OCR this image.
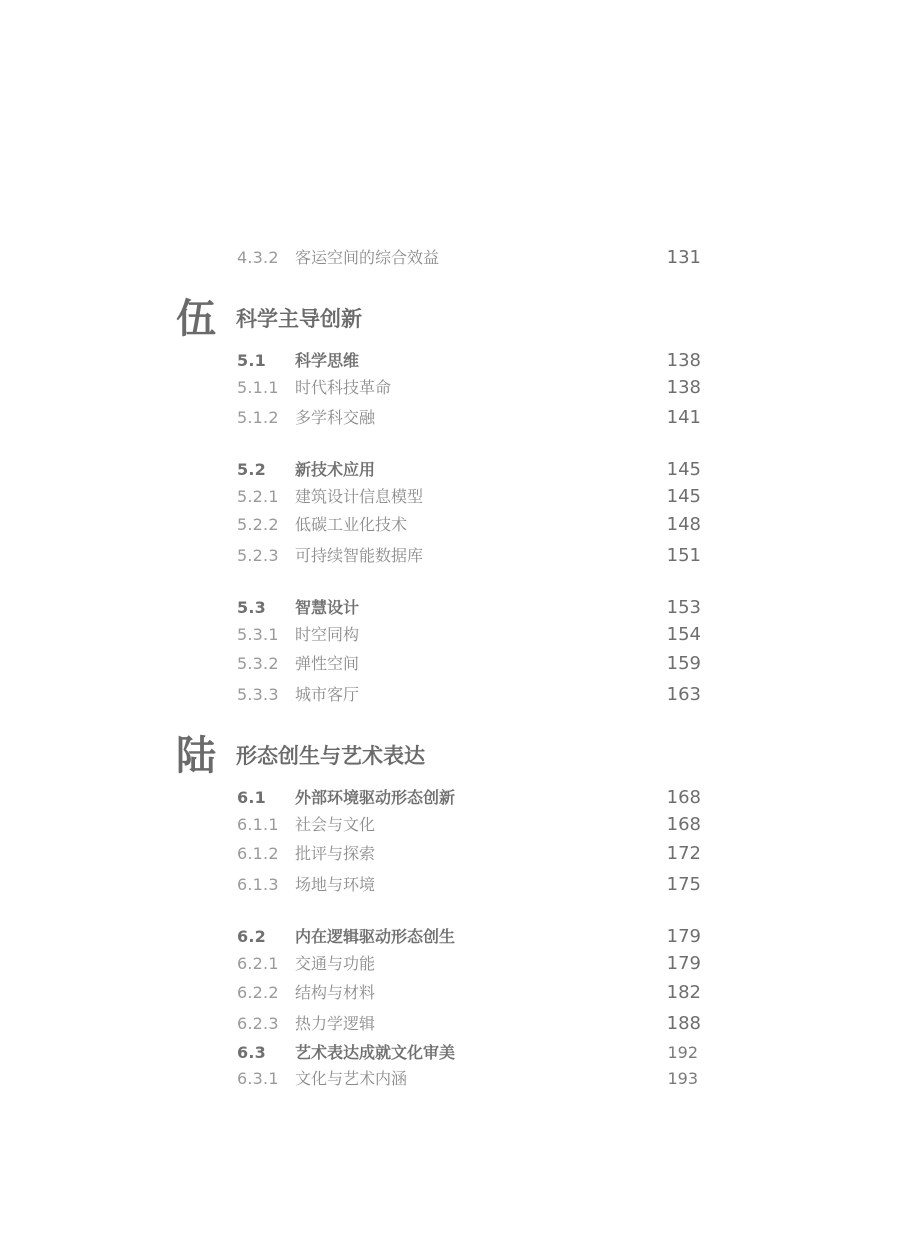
4.3.2 客运空间的综合效益	131
伍 科学主导创新
5.1 科学思维	138
5.1.1 时代科技革命	138
5.1.2 多学科交融	141
5.2 新技术应用	145
5.2.1 建筑设计信息模型	145
5.2.2 低碳工业化技术	148
5.2.3 可持续智能数据库	151
5.3 智慧设计	153
5.3.1 时空同构	154
5.3.2 弹性空间	159
5.3.3 城市客厅	163
陆 形态创生与艺术表达
6.1 外部环境驱动形态创新	168
6.1.1 社会与文化	168
6.1.2 批评与探索	172
6.1.3 场地与环境	175
6.2 内在逻辑驱动形态创生	179
6.2.1 交通与功能	179
6.2.2 结构与材料	182
6.2.3 热力学逻辑	188
6.3 艺术表达成就文化审美	192
6.3.1 文化与艺术内涵	193
